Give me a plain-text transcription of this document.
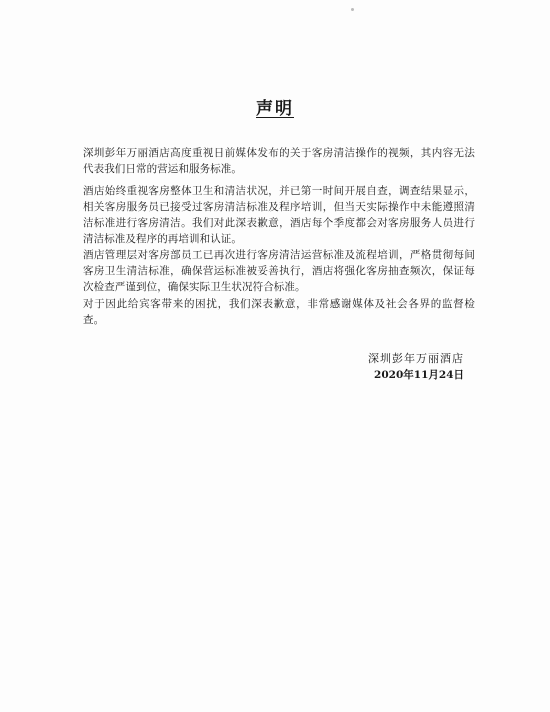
声明

深圳彭年万丽酒店高度重视日前媒体发布的关于客房清洁操作的视频，其内容无法代表我们日常的营运和服务标准。

酒店始终重视客房整体卫生和清洁状况，并已第一时间开展自查，调查结果显示，相关客房服务员已接受过客房清洁标准及程序培训，但当天实际操作中未能遵照清洁标准进行客房清洁。我们对此深表歉意，酒店每个季度都会对客房服务人员进行清洁标准及程序的再培训和认证。

酒店管理层对客房部员工已再次进行客房清洁运营标准及流程培训，严格贯彻每间客房卫生清洁标准，确保营运标准被妥善执行，酒店将强化客房抽查频次，保证每次检查严谨到位，确保实际卫生状况符合标准。

对于因此给宾客带来的困扰，我们深表歉意，非常感谢媒体及社会各界的监督检查。

深圳彭年万丽酒店
2020年11月24日
